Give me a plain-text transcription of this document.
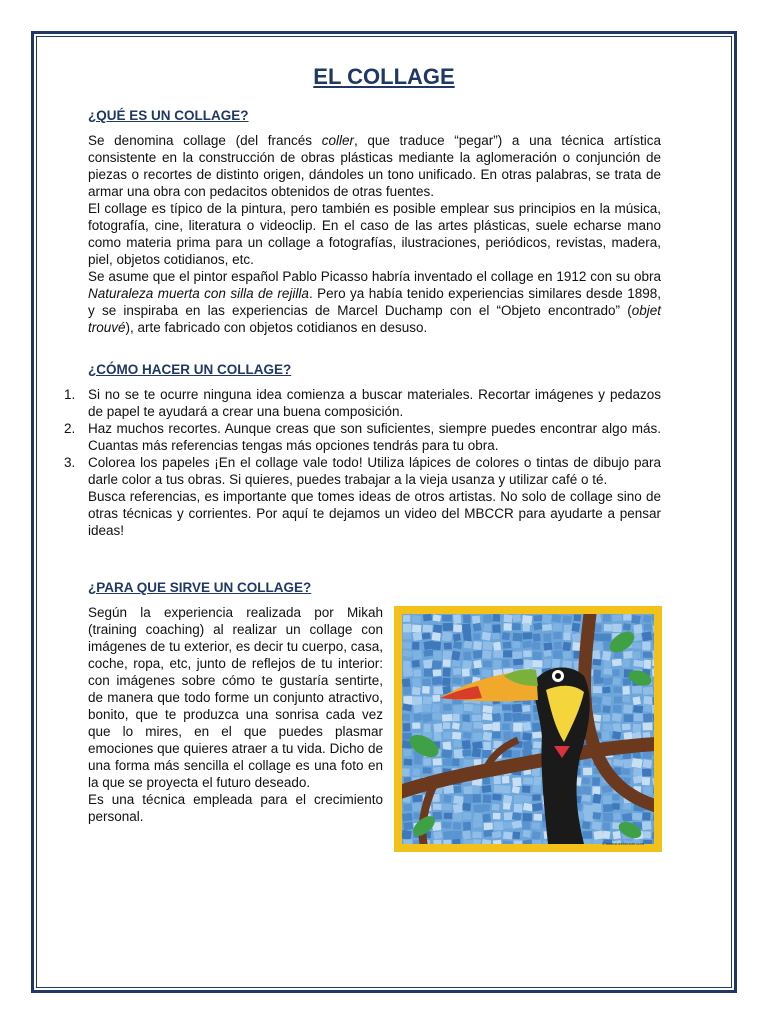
EL COLLAGE
¿QUÉ ES UN COLLAGE?

Se denomina collage (del francés coller, que traduce “pegar”) a una técnica artística consistente en la construcción de obras plásticas mediante la aglomeración o conjunción de piezas o recortes de distinto origen, dándoles un tono unificado. En otras palabras, se trata de armar una obra con pedacitos obtenidos de otras fuentes.

El collage es típico de la pintura, pero también es posible emplear sus principios en la música, fotografía, cine, literatura o videoclip. En el caso de las artes plásticas, suele echarse mano como materia prima para un collage a fotografías, ilustraciones, periódicos, revistas, madera, piel, objetos cotidianos, etc.

Se asume que el pintor español Pablo Picasso habría inventado el collage en 1912 con su obra Naturaleza muerta con silla de rejilla. Pero ya había tenido experiencias similares desde 1898, y se inspiraba en las experiencias de Marcel Duchamp con el “Objeto encontrado” (objet trouvé), arte fabricado con objetos cotidianos en desuso.

¿CÓMO HACER UN COLLAGE?
1. Si no se te ocurre ninguna idea comienza a buscar materiales. Recortar imágenes y pedazos de papel te ayudará a crear una buena composición.
2. Haz muchos recortes. Aunque creas que son suficientes, siempre puedes encontrar algo más. Cuantas más referencias tengas más opciones tendrás para tu obra.
3. Colorea los papeles ¡En el collage vale todo! Utiliza lápices de colores o tintas de dibujo para darle color a tus obras. Si quieres, puedes trabajar a la vieja usanza y utilizar café o té.
Busca referencias, es importante que tomes ideas de otros artistas. No solo de collage sino de otras técnicas y corrientes. Por aquí te dejamos un video del MBCCR para ayudarte a pensar ideas!
¿PARA QUE SIRVE UN COLLAGE?

Según la experiencia realizada por Mikah (training coaching) al realizar un collage con imágenes de tu exterior, es decir tu cuerpo, casa, coche, ropa, etc, junto de reflejos de tu interior: con imágenes sobre cómo te gustaría sentirte, de manera que todo forme un conjunto atractivo, bonito, que te produzca una sonrisa cada vez que lo mires, en el que puedes plasmar emociones que quieres atraer a tu vida. Dicho de una forma más sencilla el collage es una foto en la que se proyecta el futuro deseado.

Es una técnica empleada para el crecimiento personal.

© worksheetsmore.com
